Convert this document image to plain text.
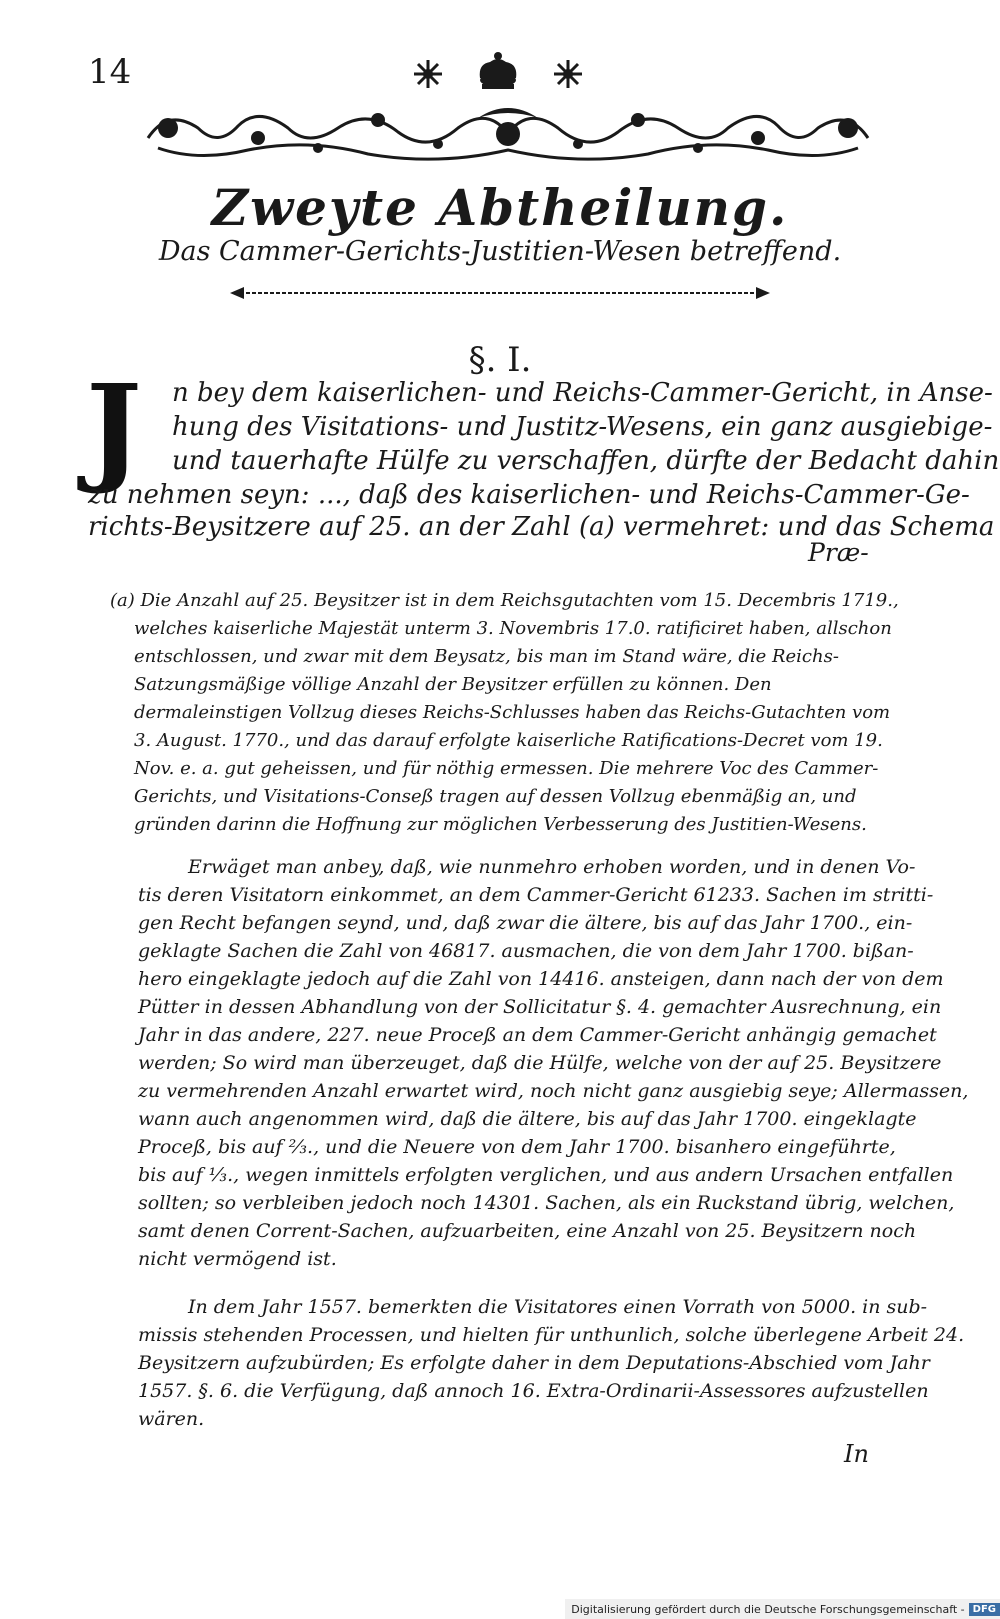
14
Zweyte Abtheilung.
Das Cammer-Gerichts-Justitien-Wesen betreffend.
§. I.
J	n bey dem kaiserlichen- und Reichs-Cammer-Gericht, in Anse-
hung des Visitations- und Justitz-Wesens, ein ganz ausgiebige-
und tauerhafte Hülfe zu verschaffen, dürfte der Bedacht dahin
zu nehmen seyn: ..., daß des kaiserlichen- und Reichs-Cammer-Ge-
richts-Beysitzere auf 25. an der Zahl (a) vermehret: und das Schema
Præ-
(a) Die Anzahl auf 25. Beysitzer ist in dem Reichsgutachten vom 15. Decembris 1719.,
welches kaiserliche Majestät unterm 3. Novembris 17.0. ratificiret haben, allschon
entschlossen, und zwar mit dem Beysatz, bis man im Stand wäre, die Reichs-
Satzungsmäßige völlige Anzahl der Beysitzer erfüllen zu können. Den
dermaleinstigen Vollzug dieses Reichs-Schlusses haben das Reichs-Gutachten vom
3. August. 1770., und das darauf erfolgte kaiserliche Ratifications-Decret vom 19.
Nov. e. a. gut geheissen, und für nöthig ermessen. Die mehrere Voc des Cammer-
Gerichts, und Visitations-Conseß tragen auf dessen Vollzug ebenmäßig an, und
gründen darinn die Hoffnung zur möglichen Verbesserung des Justitien-Wesens.
Erwäget man anbey, daß, wie nunmehro erhoben worden, und in denen Vo-
tis deren Visitatorn einkommet, an dem Cammer-Gericht 61233. Sachen im stritti-
gen Recht befangen seynd, und, daß zwar die ältere, bis auf das Jahr 1700., ein-
geklagte Sachen die Zahl von 46817. ausmachen, die von dem Jahr 1700. bißan-
hero eingeklagte jedoch auf die Zahl von 14416. ansteigen, dann nach der von dem
Pütter in dessen Abhandlung von der Sollicitatur §. 4. gemachter Ausrechnung, ein
Jahr in das andere, 227. neue Proceß an dem Cammer-Gericht anhängig gemachet
werden; So wird man überzeuget, daß die Hülfe, welche von der auf 25. Beysitzere
zu vermehrenden Anzahl erwartet wird, noch nicht ganz ausgiebig seye; Allermassen,
wann auch angenommen wird, daß die ältere, bis auf das Jahr 1700. eingeklagte
Proceß, bis auf ⅔., und die Neuere von dem Jahr 1700. bisanhero eingeführte,
bis auf ⅓., wegen inmittels erfolgten verglichen, und aus andern Ursachen entfallen
sollten; so verbleiben jedoch noch 14301. Sachen, als ein Ruckstand übrig, welchen,
samt denen Corrent-Sachen, aufzuarbeiten, eine Anzahl von 25. Beysitzern noch
nicht vermögend ist.
In dem Jahr 1557. bemerkten die Visitatores einen Vorrath von 5000. in sub-
missis stehenden Processen, und hielten für unthunlich, solche überlegene Arbeit 24.
Beysitzern aufzubürden; Es erfolgte daher in dem Deputations-Abschied vom Jahr
1557. §. 6. die Verfügung, daß annoch 16. Extra-Ordinarii-Assessores aufzustellen
wären.
In
Digitalisierung gefördert durch die Deutsche Forschungsgemeinschaft - DFG
